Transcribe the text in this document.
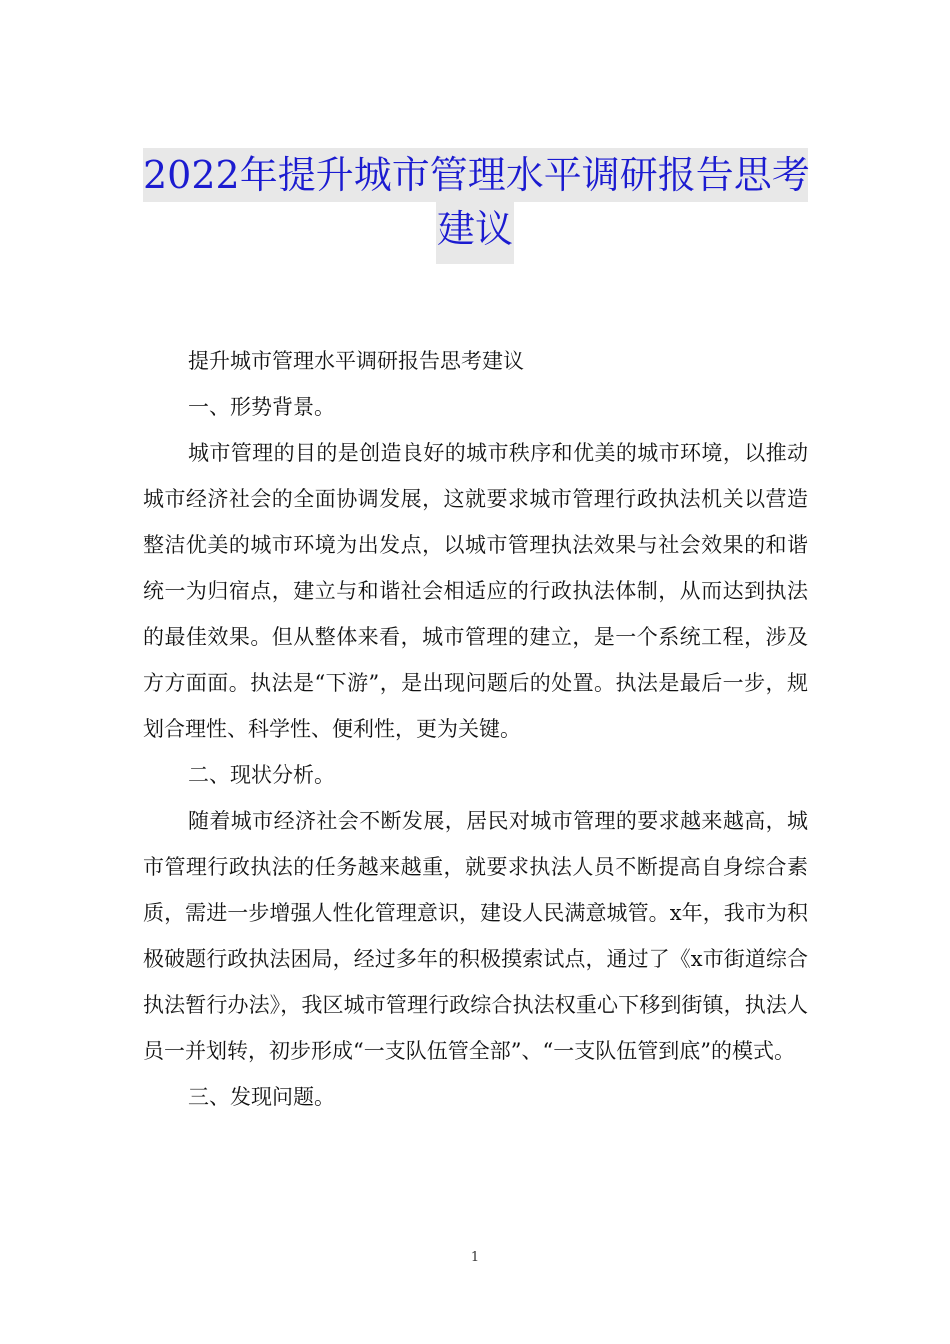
2022年提升城市管理水平调研报告思考
建议

提升城市管理水平调研报告思考建议

一、形势背景。

城市管理的目的是创造良好的城市秩序和优美的城市环境，以推动城市经济社会的全面协调发展，这就要求城市管理行政执法机关以营造整洁优美的城市环境为出发点，以城市管理执法效果与社会效果的和谐统一为归宿点，建立与和谐社会相适应的行政执法体制，从而达到执法的最佳效果。但从整体来看，城市管理的建立，是一个系统工程，涉及方方面面。执法是“下游”，是出现问题后的处置。执法是最后一步，规划合理性、科学性、便利性，更为关键。

二、现状分析。

随着城市经济社会不断发展，居民对城市管理的要求越来越高，城市管理行政执法的任务越来越重，就要求执法人员不断提高自身综合素质，需进一步增强人性化管理意识，建设人民满意城管。x年，我市为积极破题行政执法困局，经过多年的积极摸索试点，通过了《x市街道综合执法暂行办法》，我区城市管理行政综合执法权重心下移到街镇，执法人员一并划转，初步形成“一支队伍管全部”、“一支队伍管到底”的模式。

三、发现问题。

1
